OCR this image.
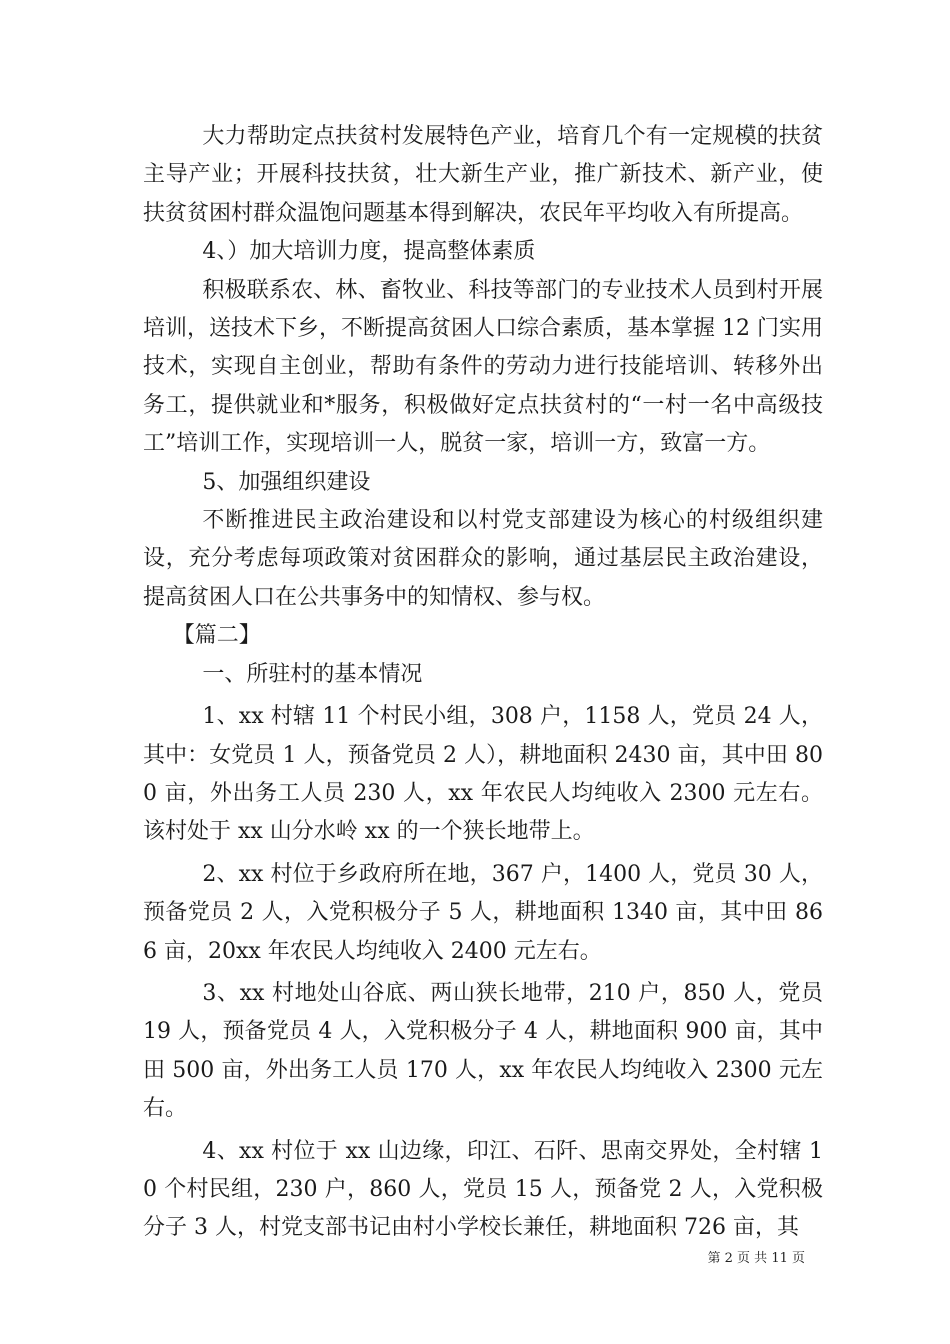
大力帮助定点扶贫村发展特色产业，培育几个有一定规模的扶贫主导产业；开展科技扶贫，壮大新生产业，推广新技术、新产业，使扶贫贫困村群众温饱问题基本得到解决，农民年平均收入有所提高。

4、）加大培训力度，提高整体素质

积极联系农、林、畜牧业、科技等部门的专业技术人员到村开展培训，送技术下乡，不断提高贫困人口综合素质，基本掌握 12 门实用技术，实现自主创业，帮助有条件的劳动力进行技能培训、转移外出务工，提供就业和*服务，积极做好定点扶贫村的“一村一名中高级技工”培训工作，实现培训一人，脱贫一家，培训一方，致富一方。

5、加强组织建设

不断推进民主政治建设和以村党支部建设为核心的村级组织建设，充分考虑每项政策对贫困群众的影响，通过基层民主政治建设，提高贫困人口在公共事务中的知情权、参与权。

【篇二】

一、所驻村的基本情况

1、xx 村辖 11 个村民小组，308 户，1158 人，党员 24 人，其中：女党员 1 人，预备党员 2 人），耕地面积 2430 亩，其中田 800 亩，外出务工人员 230 人，xx 年农民人均纯收入 2300 元左右。该村处于 xx 山分水岭 xx 的一个狭长地带上。

2、xx 村位于乡政府所在地，367 户，1400 人，党员 30 人，预备党员 2 人，入党积极分子 5 人，耕地面积 1340 亩，其中田 866 亩，20xx 年农民人均纯收入 2400 元左右。

3、xx 村地处山谷底、两山狭长地带，210 户，850 人，党员 19 人，预备党员 4 人，入党积极分子 4 人，耕地面积 900 亩，其中田 500 亩，外出务工人员 170 人，xx 年农民人均纯收入 2300 元左右。

4、xx 村位于 xx 山边缘，印江、石阡、思南交界处，全村辖 10 个村民组，230 户，860 人，党员 15 人，预备党 2 人，入党积极分子 3 人，村党支部书记由村小学校长兼任，耕地面积 726 亩，其

第 2 页 共 11 页
